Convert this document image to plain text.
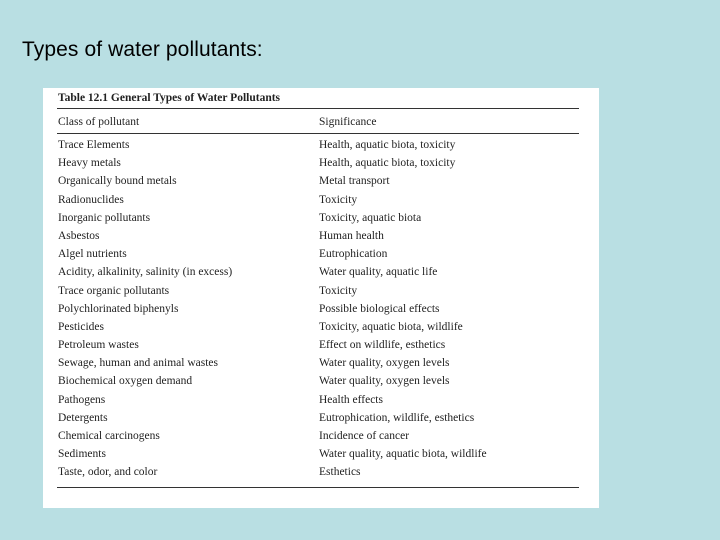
Types of water pollutants:
Table 12.1 General Types of Water Pollutants
Class of pollutant	Significance
Trace Elements	Health, aquatic biota, toxicity
Heavy metals	Health, aquatic biota, toxicity
Organically bound metals	Metal transport
Radionuclides	Toxicity
Inorganic pollutants	Toxicity, aquatic biota
Asbestos	Human health
Algel nutrients	Eutrophication
Acidity, alkalinity, salinity (in excess)	Water quality, aquatic life
Trace organic pollutants	Toxicity
Polychlorinated biphenyls	Possible biological effects
Pesticides	Toxicity, aquatic biota, wildlife
Petroleum wastes	Effect on wildlife, esthetics
Sewage, human and animal wastes	Water quality, oxygen levels
Biochemical oxygen demand	Water quality, oxygen levels
Pathogens	Health effects
Detergents	Eutrophication, wildlife, esthetics
Chemical carcinogens	Incidence of cancer
Sediments	Water quality, aquatic biota, wildlife
Taste, odor, and color	Esthetics
